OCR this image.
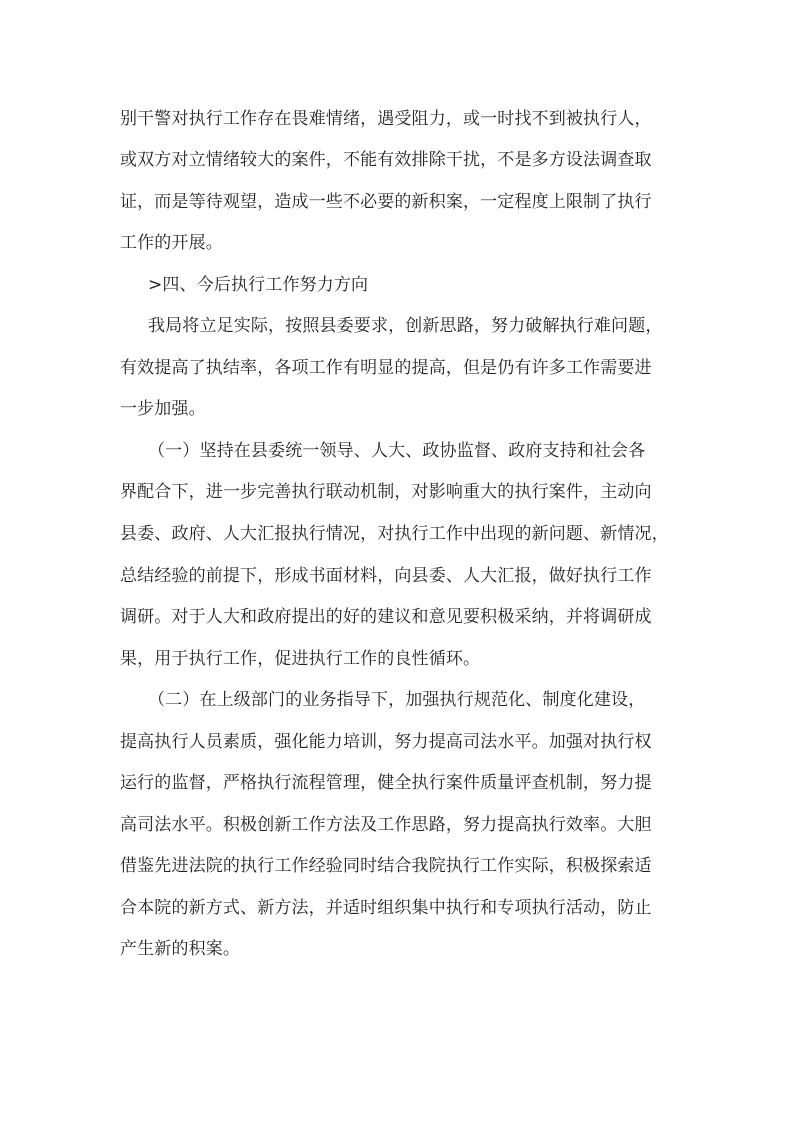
别干警对执行工作存在畏难情绪，遇受阻力，或一时找不到被执行人，
或双方对立情绪较大的案件，不能有效排除干扰，不是多方设法调查取
证，而是等待观望，造成一些不必要的新积案，一定程度上限制了执行
工作的开展。
>四、今后执行工作努力方向
我局将立足实际，按照县委要求，创新思路，努力破解执行难问题，
有效提高了执结率，各项工作有明显的提高，但是仍有许多工作需要进
一步加强。
（一）坚持在县委统一领导、人大、政协监督、政府支持和社会各
界配合下，进一步完善执行联动机制，对影响重大的执行案件，主动向
县委、政府、人大汇报执行情况，对执行工作中出现的新问题、新情况，
总结经验的前提下，形成书面材料，向县委、人大汇报，做好执行工作
调研。对于人大和政府提出的好的建议和意见要积极采纳，并将调研成
果，用于执行工作，促进执行工作的良性循环。
（二）在上级部门的业务指导下，加强执行规范化、制度化建设，
提高执行人员素质，强化能力培训，努力提高司法水平。加强对执行权
运行的监督，严格执行流程管理，健全执行案件质量评查机制，努力提
高司法水平。积极创新工作方法及工作思路，努力提高执行效率。大胆
借鉴先进法院的执行工作经验同时结合我院执行工作实际，积极探索适
合本院的新方式、新方法，并适时组织集中执行和专项执行活动，防止
产生新的积案。
